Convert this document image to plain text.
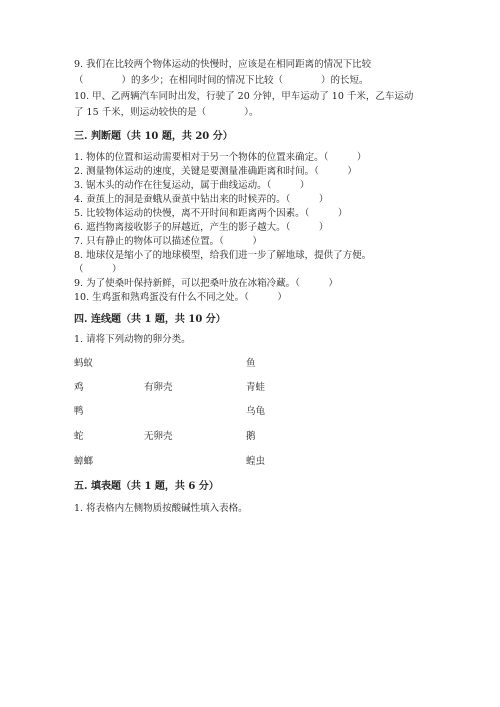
9. 我们在比较两个物体运动的快慢时，应该是在相同距离的情况下比较
（　　　　）的多少；在相同时间的情况下比较（　　　　）的长短。
10. 甲、乙两辆汽车同时出发，行驶了 20 分钟，甲车运动了 10 千米，乙车运动
了 15 千米，则运动较快的是（　　　　）。
三. 判断题（共 10 题，共 20 分）
1. 物体的位置和运动需要相对于另一个物体的位置来确定。（　　　）
2. 测量物体运动的速度，关键是要测量准确距离和时间。（　　　）
3. 锯木头的动作在往复运动，属于曲线运动。（　　　）
4. 蚕茧上的洞是蚕蛾从蚕茧中钻出来的时候弄的。（　　　）
5. 比较物体运动的快慢，离不开时间和距离两个因素。（　　　）
6. 遮挡物离接收影子的屏越近，产生的影子越大。（　　　）
7. 只有静止的物体可以描述位置。（　　　）
8. 地球仪是缩小了的地球模型，给我们进一步了解地球，提供了方便。
（　　　）
9. 为了使桑叶保持新鲜，可以把桑叶放在冰箱冷藏。（　　　）
10. 生鸡蛋和熟鸡蛋没有什么不同之处。（　　　）
四. 连线题（共 1 题，共 10 分）
1. 请将下列动物的卵分类。
蚂蚁
鸡
鸭
蛇
蟑螂
有卵壳
无卵壳
鱼
青蛙
乌龟
鹅
蝗虫
五. 填表题（共 1 题，共 6 分）
1. 将表格内左侧物质按酸碱性填入表格。
